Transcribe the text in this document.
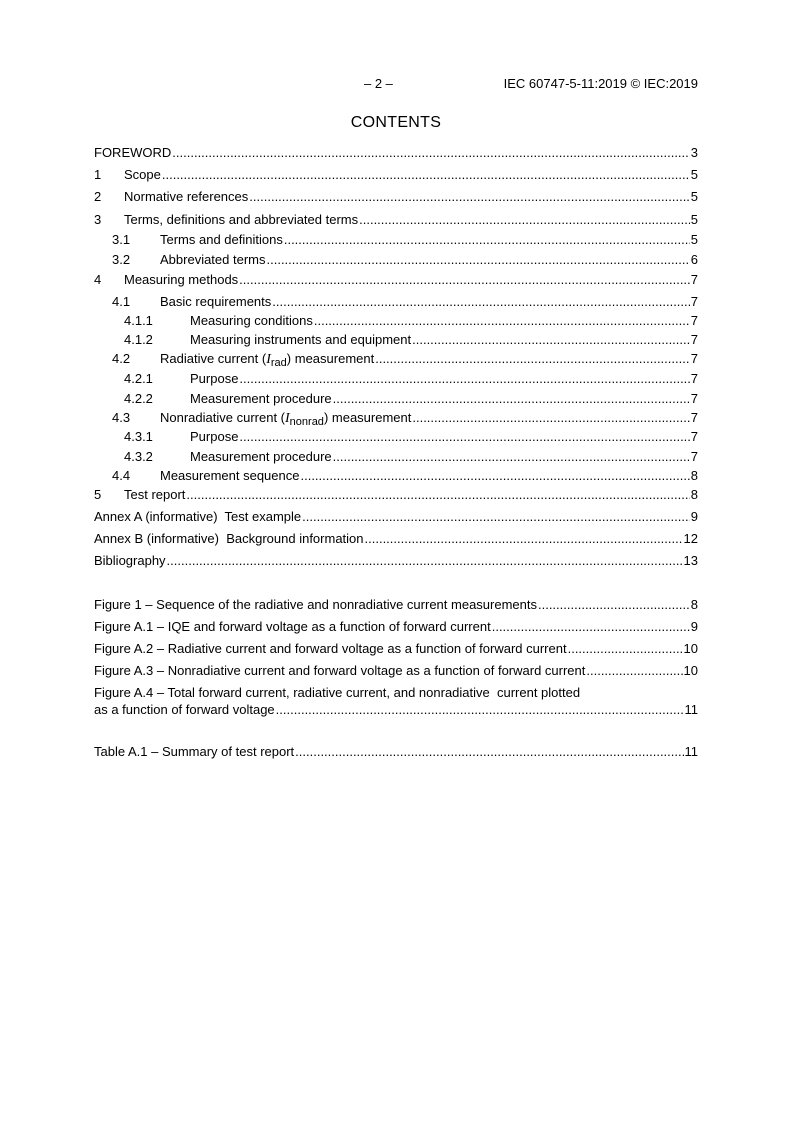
– 2 –	IEC 60747-5-11:2019 © IEC:2019
CONTENTS
FOREWORD .....	3
1	Scope .....	5
2	Normative references .....	5
3	Terms, definitions and abbreviated terms .....	5
3.1	Terms and definitions .....	5
3.2	Abbreviated terms .....	6
4	Measuring methods .....	7
4.1	Basic requirements .....	7
4.1.1	Measuring conditions .....	7
4.1.2	Measuring instruments and equipment .....	7
4.2	Radiative current $(I_{rad})$ measurement .....	7
4.2.1	Purpose .....	7
4.2.2	Measurement procedure .....	7
4.3	Nonradiative current $(I_{nonrad})$ measurement .....	7
4.3.1	Purpose .....	7
4.3.2	Measurement procedure .....	7
4.4	Measurement sequence .....	8
5	Test report .....	8
Annex A (informative)  Test example .....	9
Annex B (informative)  Background information .....	12
Bibliography .....	13
Figure 1 – Sequence of the radiative and nonradiative current measurements .....	8
Figure A.1 – IQE and forward voltage as a function of forward current .....	9
Figure A.2 – Radiative current and forward voltage as a function of forward current .....	10
Figure A.3 – Nonradiative current and forward voltage as a function of forward current .....	10
Figure A.4 – Total forward current, radiative current, and nonradiative  current plotted
as a function of forward voltage .....	11
Table A.1 – Summary of test report .....	11
